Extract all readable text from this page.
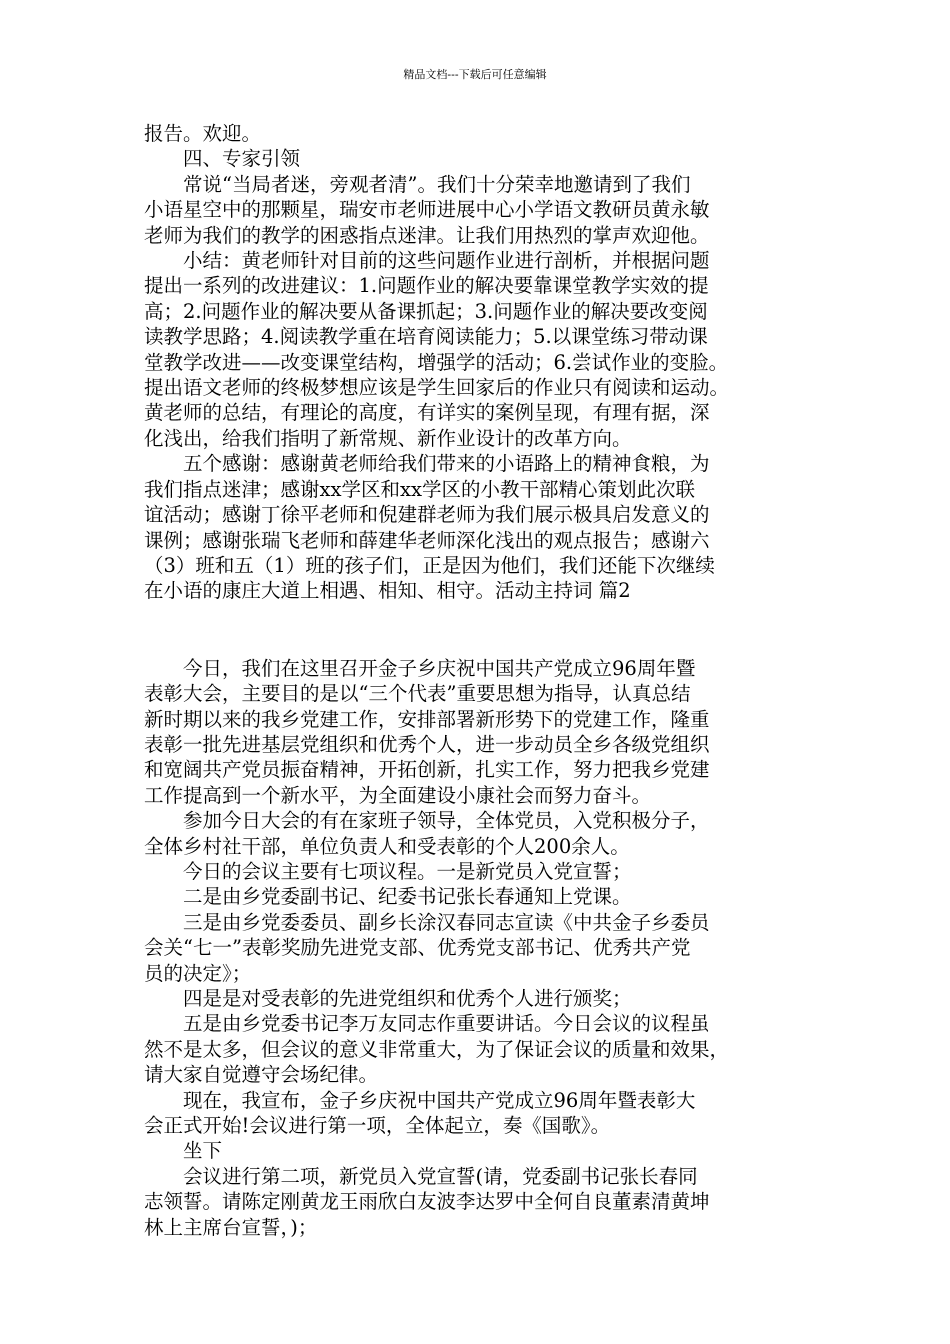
精品文档---下载后可任意编辑

报告。欢迎。

　　四、专家引领

　　常说“当局者迷，旁观者清”。我们十分荣幸地邀请到了我们

小语星空中的那颗星，瑞安市老师进展中心小学语文教研员黄永敏

老师为我们的教学的困惑指点迷津。让我们用热烈的掌声欢迎他。

　　小结：黄老师针对目前的这些问题作业进行剖析，并根据问题

提出一系列的改进建议：1.问题作业的解决要靠课堂教学实效的提

高；2.问题作业的解决要从备课抓起；3.问题作业的解决要改变阅

读教学思路；4.阅读教学重在培育阅读能力；5.以课堂练习带动课

堂教学改进——改变课堂结构，增强学的活动；6.尝试作业的变脸。

提出语文老师的终极梦想应该是学生回家后的作业只有阅读和运动。

黄老师的总结，有理论的高度，有详实的案例呈现，有理有据，深

化浅出，给我们指明了新常规、新作业设计的改革方向。

　　五个感谢：感谢黄老师给我们带来的小语路上的精神食粮，为

我们指点迷津；感谢xx学区和xx学区的小教干部精心策划此次联

谊活动；感谢丁徐平老师和倪建群老师为我们展示极具启发意义的

课例；感谢张瑞飞老师和薛建华老师深化浅出的观点报告；感谢六

（3）班和五（1）班的孩子们，正是因为他们，我们还能下次继续

在小语的康庄大道上相遇、相知、相守。活动主持词 篇2

　　今日，我们在这里召开金子乡庆祝中国共产党成立96周年暨

表彰大会，主要目的是以“三个代表”重要思想为指导，认真总结

新时期以来的我乡党建工作，安排部署新形势下的党建工作，隆重

表彰一批先进基层党组织和优秀个人，进一步动员全乡各级党组织

和宽阔共产党员振奋精神，开拓创新，扎实工作，努力把我乡党建

工作提高到一个新水平，为全面建设小康社会而努力奋斗。

　　参加今日大会的有在家班子领导，全体党员，入党积极分子，

全体乡村社干部，单位负责人和受表彰的个人200余人。

　　今日的会议主要有七项议程。一是新党员入党宣誓；

　　二是由乡党委副书记、纪委书记张长春通知上党课。

　　三是由乡党委委员、副乡长涂汉春同志宣读《中共金子乡委员

会关“七一”表彰奖励先进党支部、优秀党支部书记、优秀共产党

员的决定》；

　　四是是对受表彰的先进党组织和优秀个人进行颁奖；

　　五是由乡党委书记李万友同志作重要讲话。今日会议的议程虽

然不是太多，但会议的意义非常重大，为了保证会议的质量和效果，

请大家自觉遵守会场纪律。

　　现在，我宣布，金子乡庆祝中国共产党成立96周年暨表彰大

会正式开始!会议进行第一项，全体起立，奏《国歌》。

　　坐下

　　会议进行第二项，新党员入党宣誓(请，党委副书记张长春同

志领誓。请陈定刚黄龙王雨欣白友波李达罗中全何自良董素清黄坤

林上主席台宣誓，)；
